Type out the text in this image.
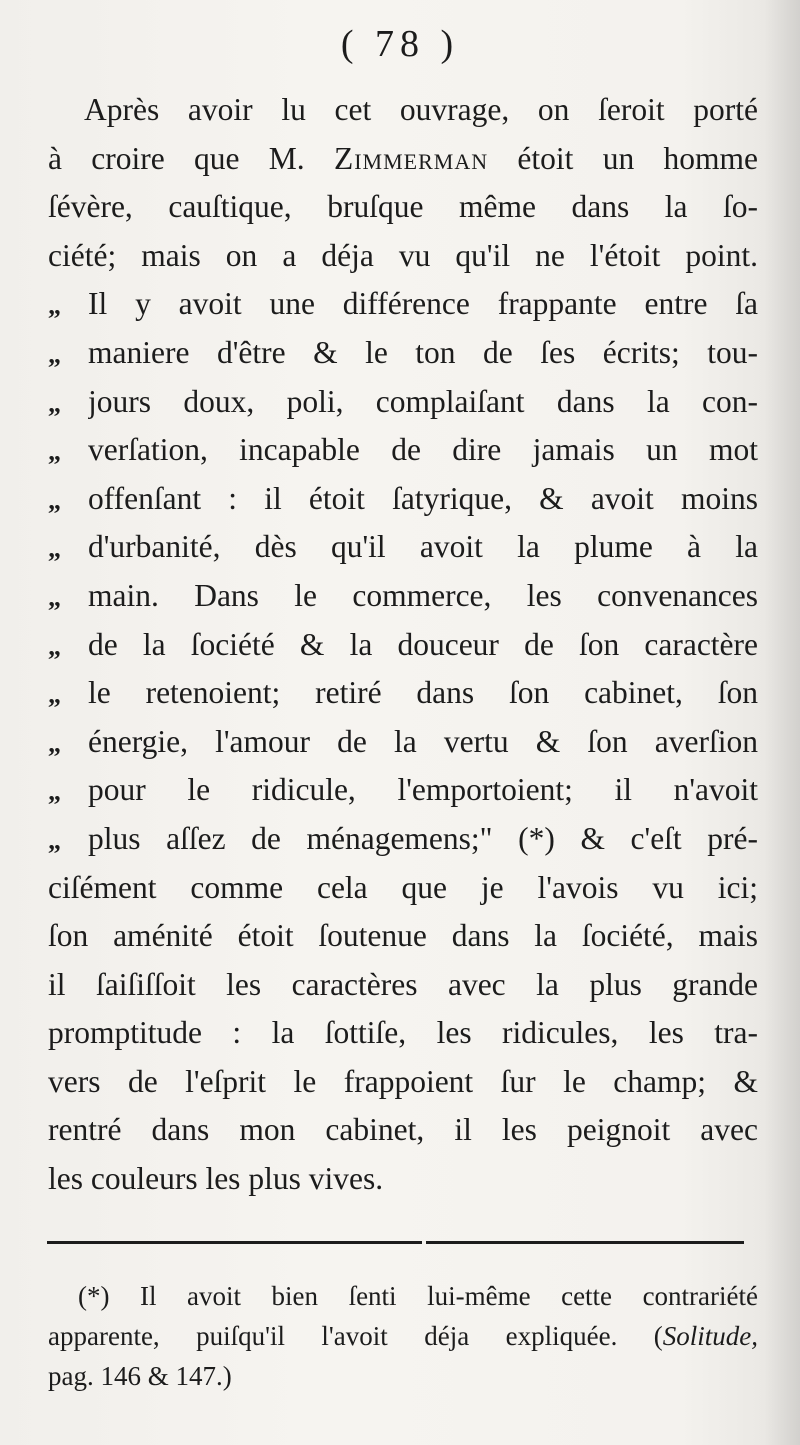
( 78 )
Après avoir lu cet ouvrage, on ſeroit porté
à croire que M. Zimmerman étoit un homme
ſévère, cauſtique, bruſque même dans la ſo-
ciété; mais on a déja vu qu'il ne l'étoit point.
„ Il y avoit une différence frappante entre ſa
„ maniere d'être & le ton de ſes écrits; tou-
„ jours doux, poli, complaiſant dans la con-
„ verſation, incapable de dire jamais un mot
„ offenſant : il étoit ſatyrique, & avoit moins
„ d'urbanité, dès qu'il avoit la plume à la
„ main. Dans le commerce, les convenances
„ de la ſociété & la douceur de ſon caractère
„ le retenoient; retiré dans ſon cabinet, ſon
„ énergie, l'amour de la vertu & ſon averſion
„ pour le ridicule, l'emportoient; il n'avoit
„ plus aſſez de ménagemens;" (*) & c'eſt pré-
ciſément comme cela que je l'avois vu ici;
ſon aménité étoit ſoutenue dans la ſociété, mais
il ſaiſiſſoit les caractères avec la plus grande
promptitude : la ſottiſe, les ridicules, les tra-
vers de l'eſprit le frappoient ſur le champ; &
rentré dans mon cabinet, il les peignoit avec
les couleurs les plus vives.
(*) Il avoit bien ſenti lui-même cette contrariété
apparente, puiſqu'il l'avoit déja expliquée. (Solitude,
pag. 146 & 147.)
